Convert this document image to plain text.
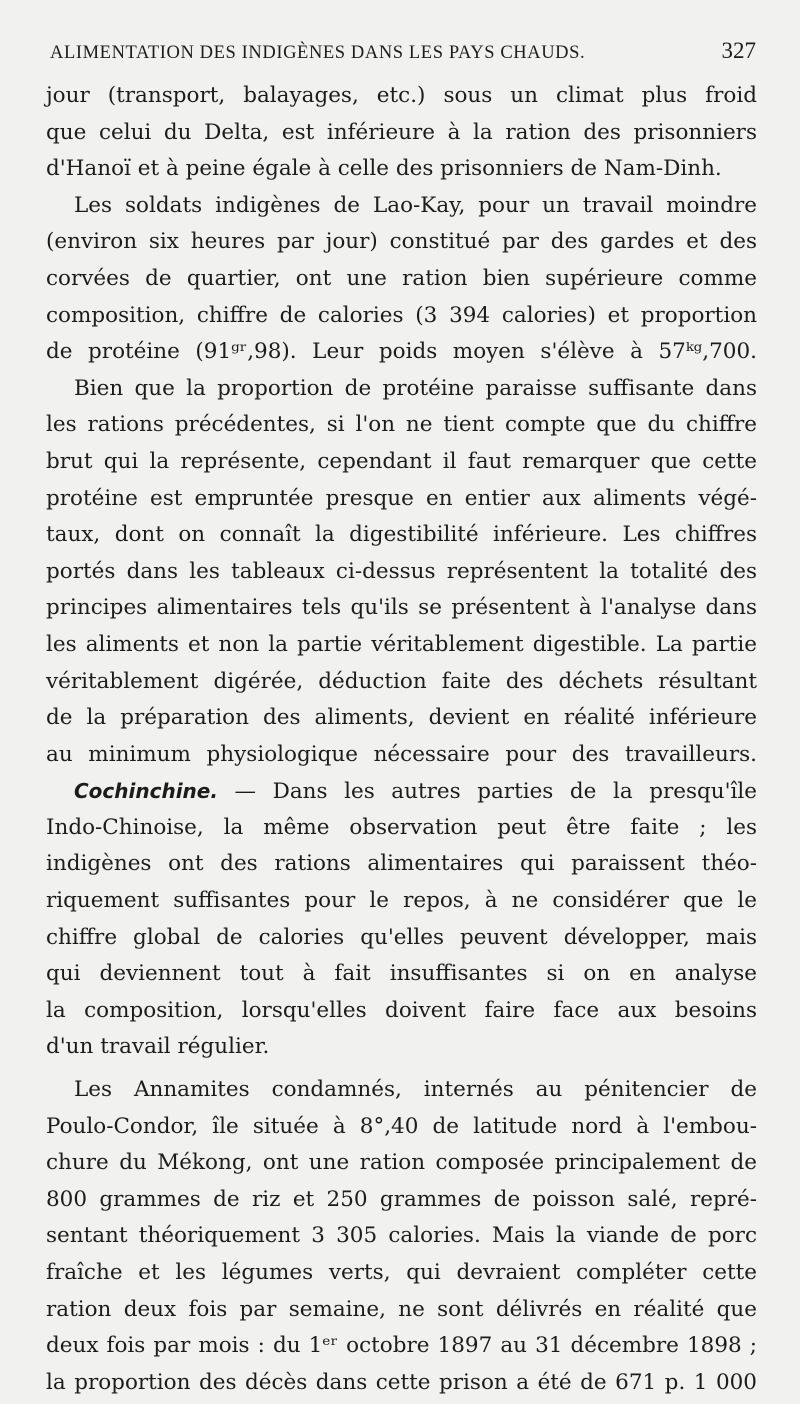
ALIMENTATION DES INDIGÈNES DANS LES PAYS CHAUDS.	327
jour (transport, balayages, etc.) sous un climat plus froid
que celui du Delta, est inférieure à la ration des prisonniers
d'Hanoï et à peine égale à celle des prisonniers de Nam-Dinh.
Les soldats indigènes de Lao-Kay, pour un travail moindre
(environ six heures par jour) constitué par des gardes et des
corvées de quartier, ont une ration bien supérieure comme
composition, chiffre de calories (3 394 calories) et proportion
de protéine (91ᵍʳ,98). Leur poids moyen s'élève à 57ᵏᵍ,700.
Bien que la proportion de protéine paraisse suffisante dans
les rations précédentes, si l'on ne tient compte que du chiffre
brut qui la représente, cependant il faut remarquer que cette
protéine est empruntée presque en entier aux aliments végé-
taux, dont on connaît la digestibilité inférieure. Les chiffres
portés dans les tableaux ci-dessus représentent la totalité des
principes alimentaires tels qu'ils se présentent à l'analyse dans
les aliments et non la partie véritablement digestible. La partie
véritablement digérée, déduction faite des déchets résultant
de la préparation des aliments, devient en réalité inférieure
au minimum physiologique nécessaire pour des travailleurs.
Cochinchine. — Dans les autres parties de la presqu'île
Indo-Chinoise, la même observation peut être faite ; les
indigènes ont des rations alimentaires qui paraissent théo-
riquement suffisantes pour le repos, à ne considérer que le
chiffre global de calories qu'elles peuvent développer, mais
qui deviennent tout à fait insuffisantes si on en analyse
la composition, lorsqu'elles doivent faire face aux besoins
d'un travail régulier.
Les Annamites condamnés, internés au pénitencier de
Poulo-Condor, île située à 8°,40 de latitude nord à l'embou-
chure du Mékong, ont une ration composée principalement de
800 grammes de riz et 250 grammes de poisson salé, repré-
sentant théoriquement 3 305 calories. Mais la viande de porc
fraîche et les légumes verts, qui devraient compléter cette
ration deux fois par semaine, ne sont délivrés en réalité que
deux fois par mois : du 1ᵉʳ octobre 1897 au 31 décembre 1898 ;
la proportion des décès dans cette prison a été de 671 p. 1 000
